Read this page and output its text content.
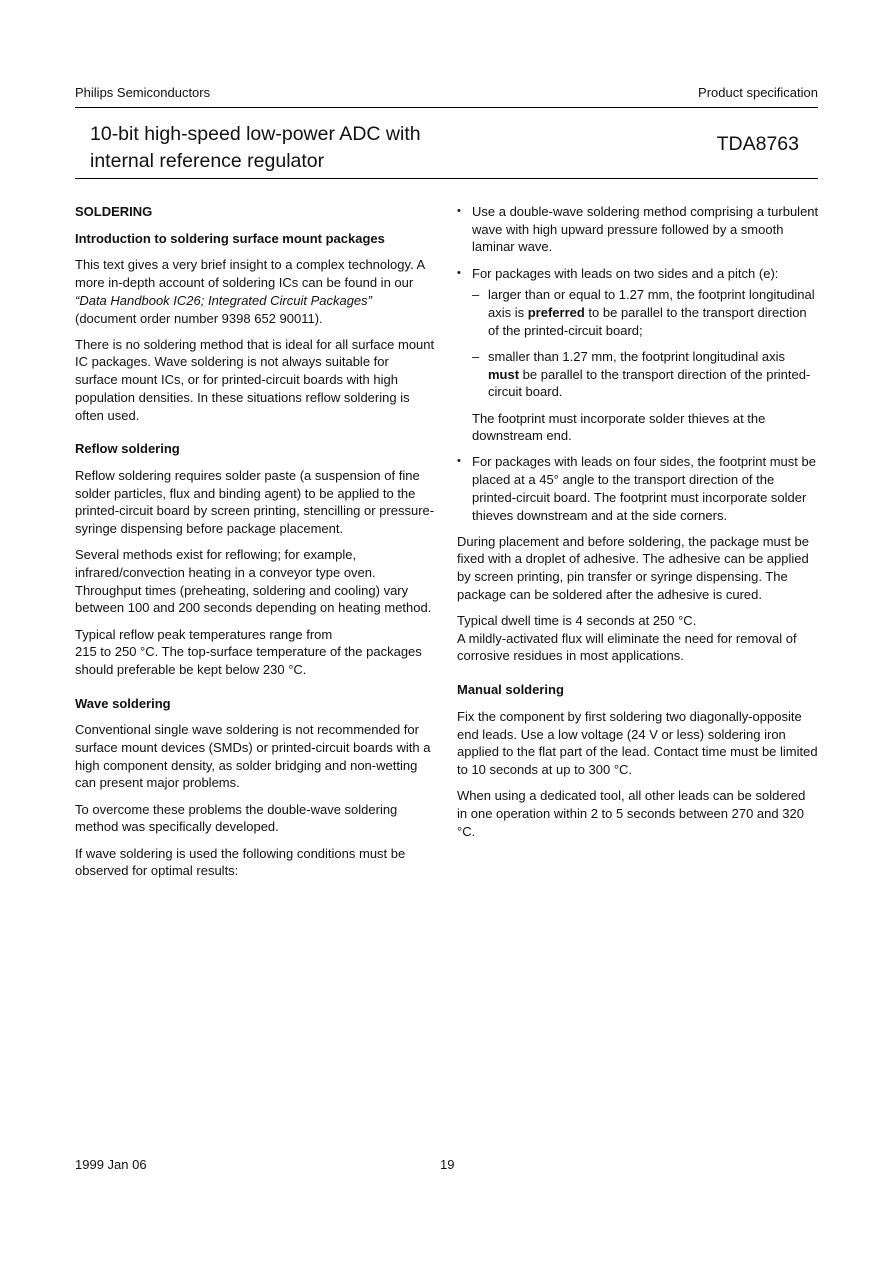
Philips Semiconductors	Product specification
10-bit high-speed low-power ADC with
internal reference regulator
TDA8763
SOLDERING
Introduction to soldering surface mount packages

This text gives a very brief insight to a complex technology. A more in-depth account of soldering ICs can be found in our “Data Handbook IC26; Integrated Circuit Packages” (document order number 9398 652 90011).

There is no soldering method that is ideal for all surface mount IC packages. Wave soldering is not always suitable for surface mount ICs, or for printed-circuit boards with high population densities. In these situations reflow soldering is often used.

Reflow soldering

Reflow soldering requires solder paste (a suspension of fine solder particles, flux and binding agent) to be applied to the printed-circuit board by screen printing, stencilling or pressure-syringe dispensing before package placement.

Several methods exist for reflowing; for example, infrared/convection heating in a conveyor type oven. Throughput times (preheating, soldering and cooling) vary between 100 and 200 seconds depending on heating method.

Typical reflow peak temperatures range from
215 to 250 °C. The top-surface temperature of the packages should preferable be kept below 230 °C.

Wave soldering

Conventional single wave soldering is not recommended for surface mount devices (SMDs) or printed-circuit boards with a high component density, as solder bridging and non-wetting can present major problems.

To overcome these problems the double-wave soldering method was specifically developed.

If wave soldering is used the following conditions must be observed for optimal results:

• Use a double-wave soldering method comprising a turbulent wave with high upward pressure followed by a smooth laminar wave.
• For packages with leads on two sides and a pitch (e):
– larger than or equal to 1.27 mm, the footprint longitudinal axis is preferred to be parallel to the transport direction of the printed-circuit board;
– smaller than 1.27 mm, the footprint longitudinal axis must be parallel to the transport direction of the printed-circuit board.

The footprint must incorporate solder thieves at the downstream end.

• For packages with leads on four sides, the footprint must be placed at a 45° angle to the transport direction of the printed-circuit board. The footprint must incorporate solder thieves downstream and at the side corners.

During placement and before soldering, the package must be fixed with a droplet of adhesive. The adhesive can be applied by screen printing, pin transfer or syringe dispensing. The package can be soldered after the adhesive is cured.

Typical dwell time is 4 seconds at 250 °C.
A mildly-activated flux will eliminate the need for removal of corrosive residues in most applications.

Manual soldering

Fix the component by first soldering two diagonally-opposite end leads. Use a low voltage (24 V or less) soldering iron applied to the flat part of the lead. Contact time must be limited to 10 seconds at up to 300 °C.

When using a dedicated tool, all other leads can be soldered in one operation within 2 to 5 seconds between 270 and 320 °C.

1999 Jan 06	19
